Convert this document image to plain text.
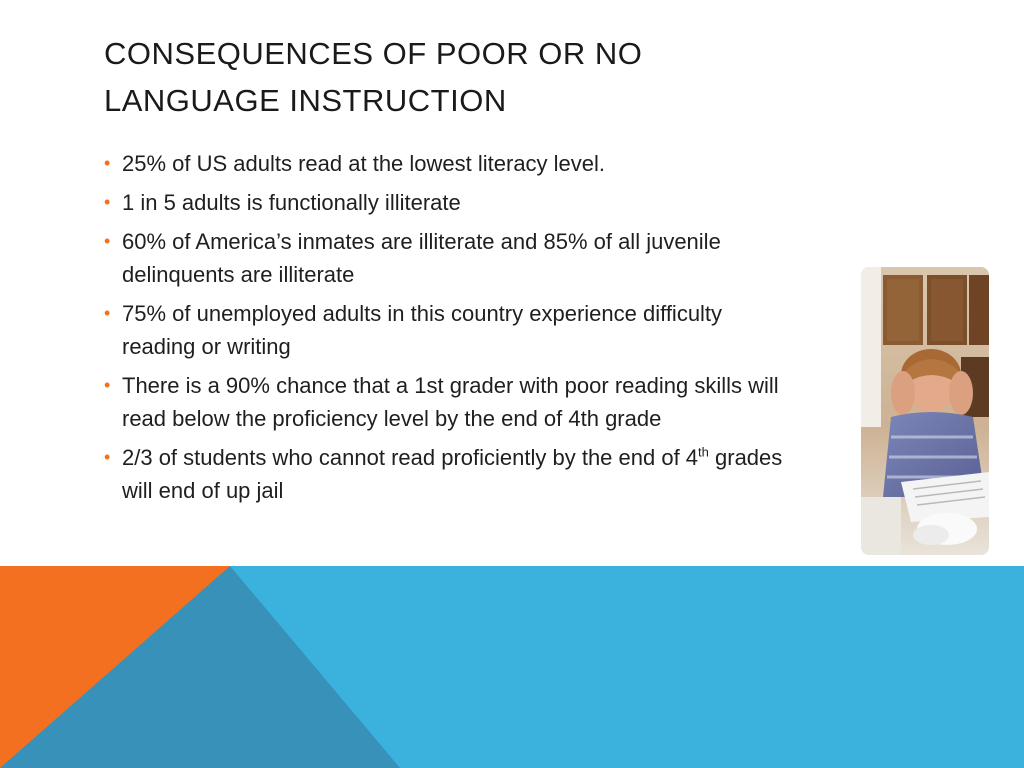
CONSEQUENCES OF POOR OR NO LANGUAGE INSTRUCTION
• 25% of US adults read at the lowest literacy level.
• 1 in 5 adults is functionally illiterate
• 60% of America’s inmates are illiterate and 85% of all juvenile delinquents are illiterate
• 75% of unemployed adults in this country experience difficulty reading or writing
• There is a 90% chance that a 1st grader with poor reading skills will read below the proficiency level by the end of 4th grade
• 2/3 of students who cannot read proficiently by the end of 4th grades will end of up jail
